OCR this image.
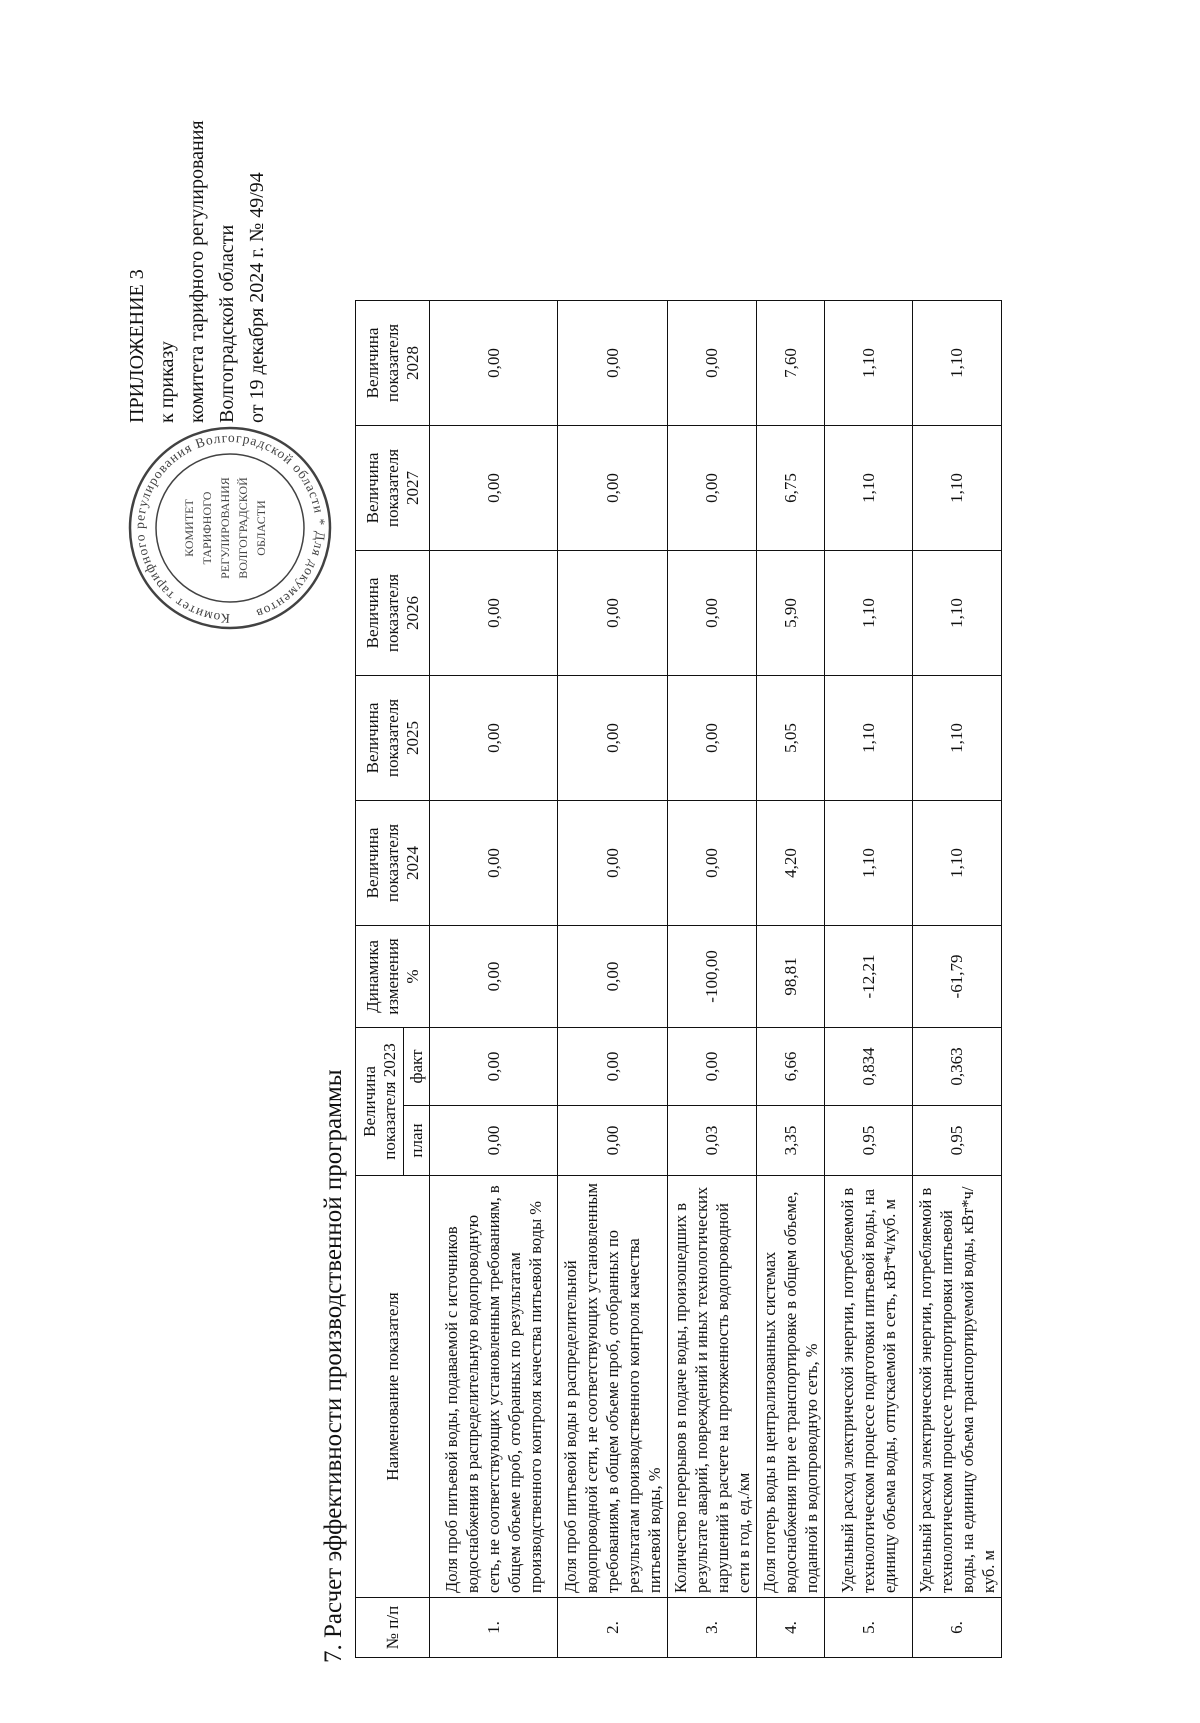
7. Расчет эффективности производственной программы
ПРИЛОЖЕНИЕ 3 к приказу комитета тарифного регулирования Волгоградской области от 19 декабря 2024 г. № 49/94
Комитет тарифного регулирования Волгоградской области * Для документов
КОМИТЕТ ТАРИФНОГО РЕГУЛИРОВАНИЯ ВОЛГОГРАДСКОЙ ОБЛАСТИ
№ п/п	Наименование показателя	Величина показателя 2023		Динамика изменения %	Величина показателя 2024	Величина показателя 2025	Величина показателя 2026	Величина показателя 2027	Величина показателя 2028
		план	факт						
1.	Доля проб питьевой воды, подаваемой с источников водоснабжения в распределительную водопроводную сеть, не соответствующих установленным требованиям, в общем объеме проб, отобранных по результатам производственного контроля качества питьевой воды %	0,00	0,00	0,00	0,00	0,00	0,00	0,00	0,00
2.	Доля проб питьевой воды в распределительной водопроводной сети, не соответствующих установленным требованиям, в общем объеме проб, отобранных по результатам производственного контроля качества питьевой воды, %	0,00	0,00	0,00	0,00	0,00	0,00	0,00	0,00
3.	Количество перерывов в подаче воды, произошедших в результате аварий, повреждений и иных технологических нарушений в расчете на протяженность водопроводной сети в год, ед./км	0,03	0,00	-100,00	0,00	0,00	0,00	0,00	0,00
4.	Доля потерь воды в централизованных системах водоснабжения при ее транспортировке в общем объеме, поданной в водопроводную сеть, %	3,35	6,66	98,81	4,20	5,05	5,90	6,75	7,60
5.	Удельный расход электрической энергии, потребляемой в технологическом процессе подготовки питьевой воды, на единицу объема воды, отпускаемой в сеть, кВт*ч/куб. м	0,95	0,834	-12,21	1,10	1,10	1,10	1,10	1,10
6.	Удельный расход электрической энергии, потребляемой в технологическом процессе транспортировки питьевой воды, на единицу объема транспортируемой воды, кВт*ч/куб. м	0,95	0,363	-61,79	1,10	1,10	1,10	1,10	1,10
